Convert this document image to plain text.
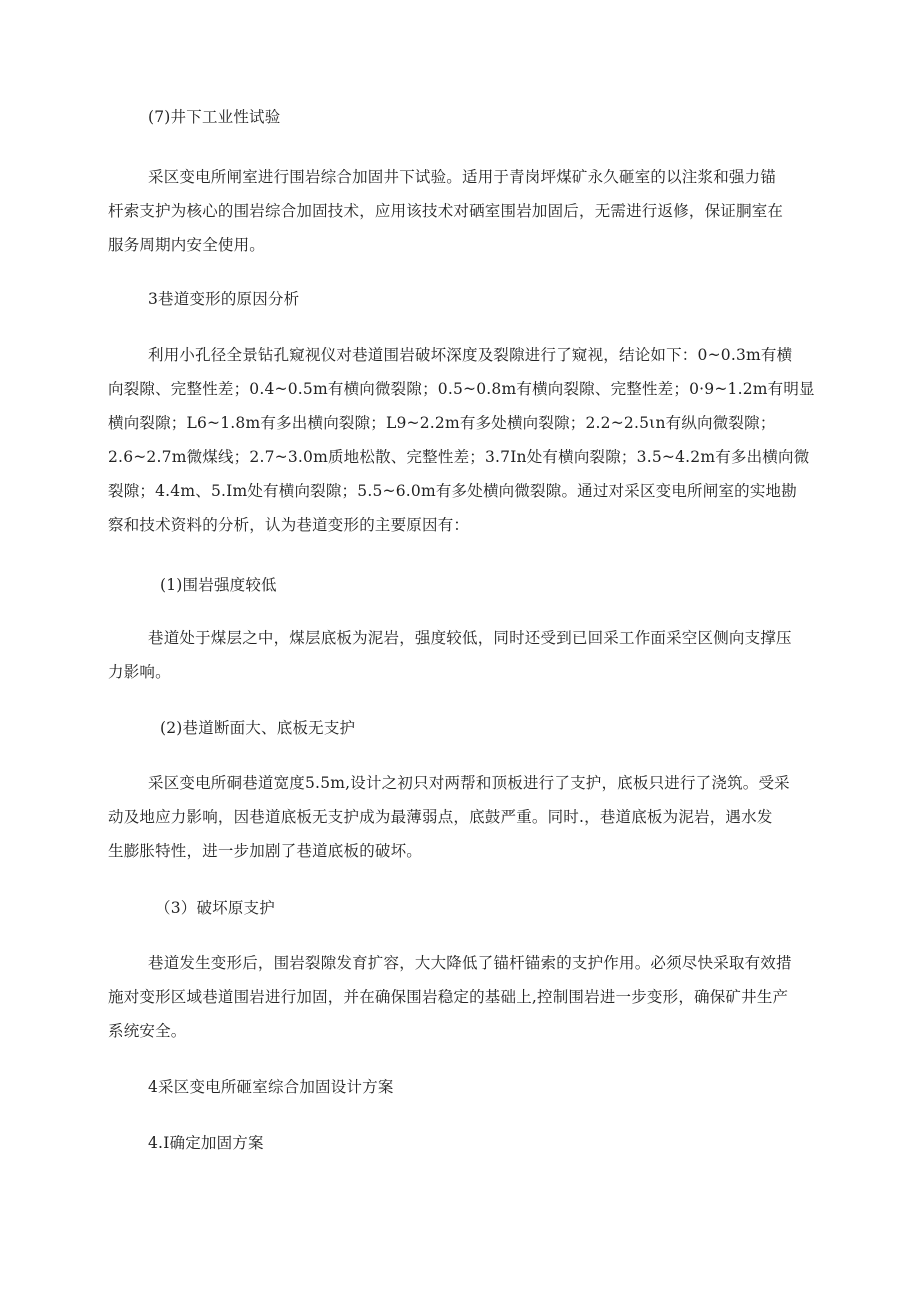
(7)井下工业性试验
采区变电所闸室进行围岩综合加固井下试验。适用于青岗坪煤矿永久砸室的以注浆和强力锚
杆索支护为核心的围岩综合加固技术，应用该技术对硒室围岩加固后，无需进行返修，保证胴室在
服务周期内安全使用。
3巷道变形的原因分析
利用小孔径全景钻孔窥视仪对巷道围岩破坏深度及裂隙进行了窥视，结论如下：0~0.3m有横
向裂隙、完整性差；0.4~0.5m有横向微裂隙；0.5~0.8m有横向裂隙、完整性差；0·9~1.2m有明显
横向裂隙；L6~1.8m有多出横向裂隙；L9~2.2m有多处横向裂隙；2.2~2.5ιn有纵向微裂隙；
2.6~2.7m微煤线；2.7~3.0m质地松散、完整性差；3.7In处有横向裂隙；3.5~4.2m有多出横向微
裂隙；4.4m、5.Im处有横向裂隙；5.5~6.0m有多处横向微裂隙。通过对采区变电所闸室的实地勘
察和技术资料的分析，认为巷道变形的主要原因有：
(1)围岩强度较低
巷道处于煤层之中，煤层底板为泥岩，强度较低，同时还受到已回采工作面采空区侧向支撑压
力影响。
(2)巷道断面大、底板无支护
采区变电所硐巷道宽度5.5m,设计之初只对两帮和顶板进行了支护，底板只进行了浇筑。受采
动及地应力影响，因巷道底板无支护成为最薄弱点，底鼓严重。同时.，巷道底板为泥岩，遇水发
生膨胀特性，进一步加剧了巷道底板的破坏。
（3）破坏原支护
巷道发生变形后，围岩裂隙发育扩容，大大降低了锚杆锚索的支护作用。必须尽快采取有效措
施对变形区域巷道围岩进行加固，并在确保围岩稳定的基础上,控制围岩进一步变形，确保矿井生产
系统安全。
4采区变电所砸室综合加固设计方案
4.I确定加固方案
